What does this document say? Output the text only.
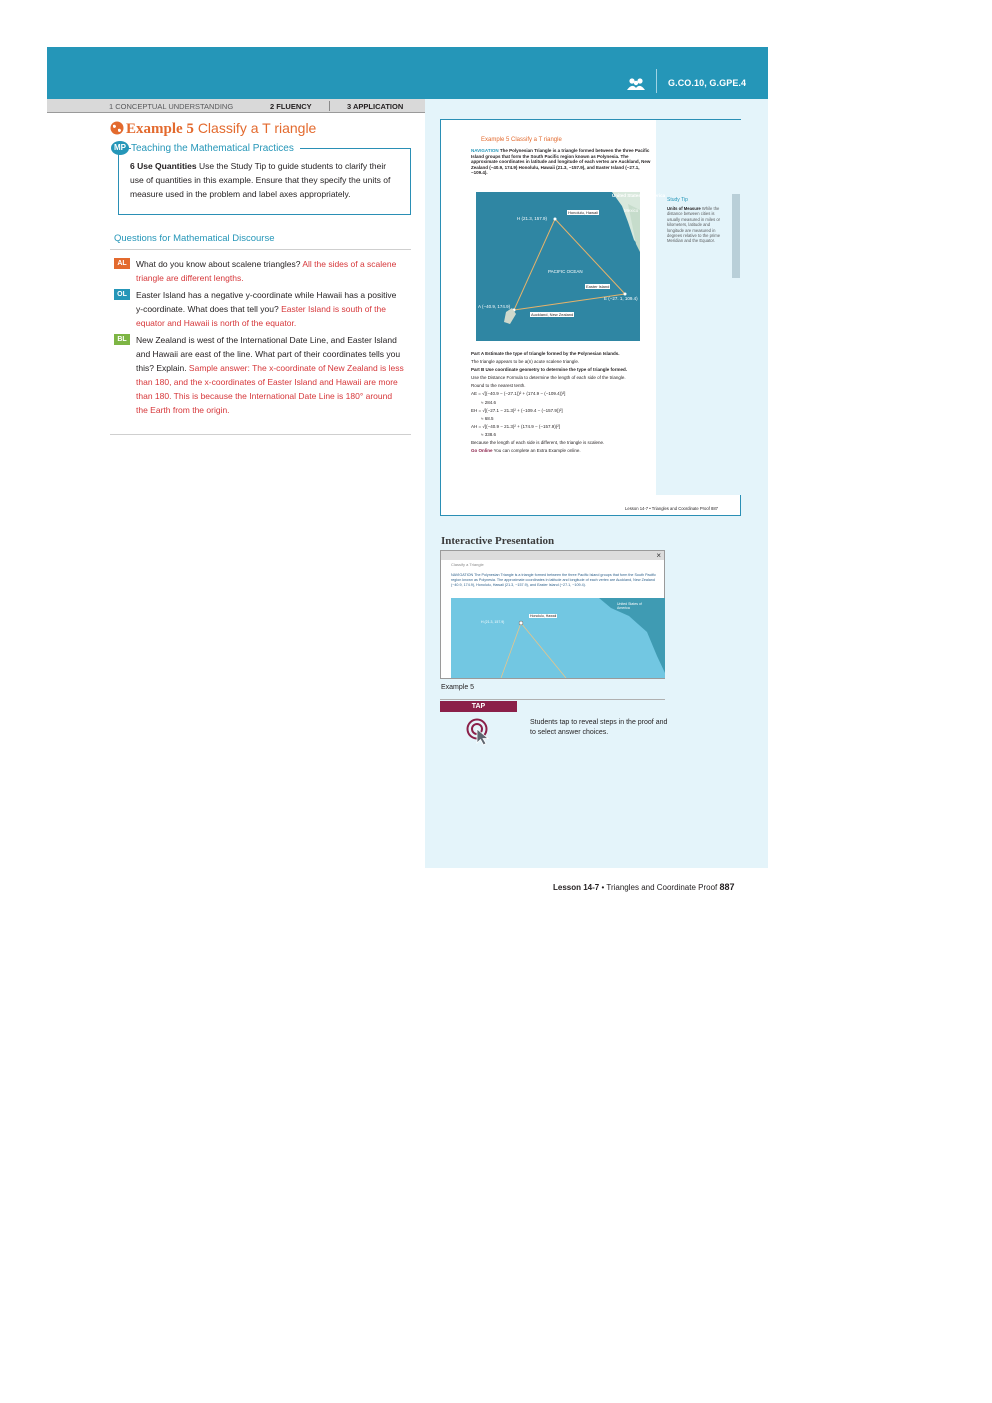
G.CO.10, G.GPE.4
1 CONCEPTUAL UNDERSTANDING	2 FLUENCY	3 APPLICATION
Example 5 Classify a T riangle
MP Teaching the Mathematical Practices
6 Use Quantities Use the Study Tip to guide students to clarify their use of quantities in this example. Ensure that they specify the units of measure used in the problem and label axes appropriately.
Questions for Mathematical Discourse
AL	What do you know about scalene triangles? All the sides of a scalene triangle are different lengths.
OL	Easter Island has a negative y-coordinate while Hawaii has a positive y-coordinate. What does that tell you? Easter Island is south of the equator and Hawaii is north of the equator.
BL	New Zealand is west of the International Date Line, and Easter Island and Hawaii are east of the line. What part of their coordinates tells you this? Explain. Sample answer: The x-coordinate of New Zealand is less than 180, and the x-coordinates of Easter Island and Hawaii are more than 180. This is because the International Date Line is 180° around the Earth from the origin.
Example 5 Classify a T riangle
NAVIGATION The Polynesian Triangle is a triangle formed between the three Pacific Island groups that form the South Pacific region known as Polynesia. The approximate coordinates in latitude and longitude of each vertex are Auckland, New Zealand (−40.9, 174.9) Honolulu, Hawaii (21.3, −157.9), and Easter Island (−27.1, −109.4).
United States of America
Mexico
PACIFIC OCEAN
H (21.3, 157.9)
E (−27. 1, 109.4)
A (−40.9, 174.9)
Honolulu, Hawaii
Easter Island
Auckland, New Zealand

Part A Estimate the type of triangle formed by the Polynesian Islands.

The triangle appears to be a(n) acute scalene triangle.

Part B Use coordinate geometry to determine the type of triangle formed.

Use the Distance Formula to determine the length of each side of the triangle.

Round to the nearest tenth.

AE = √[(−40.9 − (−27.1))² + (174.9 − (−109.4))²]

≈ 284.6

EH = √[(−27.1 − 21.3)² + (−109.4 − (−157.9))²]

≈ 68.5

AH = √[(−40.9 − 21.3)² + (174.9 − (−157.9))²]

≈ 338.6

Because the length of each side is different, the triangle is scalene.

Go Online You can complete an Extra Example online.

Study Tip
Units of Measure While the distance between cities is usually measured in miles or kilometers, latitude and longitude are measured in degrees relative to the prime Meridian and the Equator.
Lesson 14-7 • Triangles and Coordinate Proof 887
Interactive Presentation
×
Classify a Triangle
NAVIGATION The Polynesian Triangle is a triangle formed between the three Pacific Island groups that form the South Pacific region known as Polynesia. The approximate coordinates in latitude and longitude of each vertex are Auckland, New Zealand (−40.9, 174.9), Honolulu, Hawaii (21.3, −157.9), and Easter Island (−27.1, −109.4).
Honolulu, Hawaii
H (21.3, 157.9)
United States of America
Example 5
TAP
Students tap to reveal steps in the proof and to select answer choices.
Lesson 14-7 • Triangles and Coordinate Proof 887
